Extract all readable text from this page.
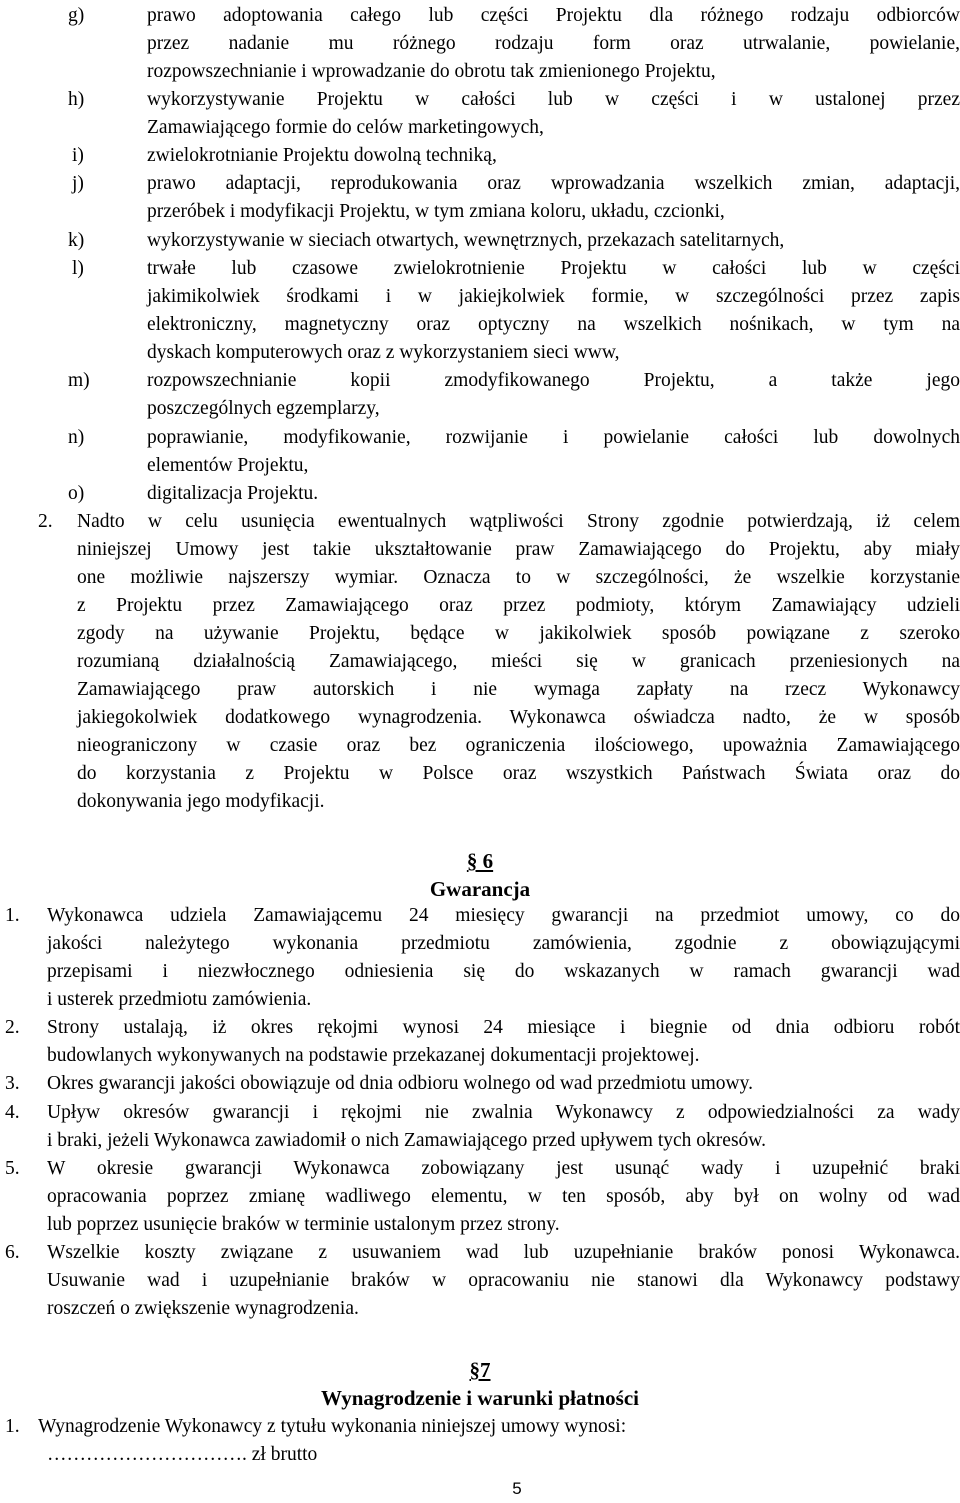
g)	prawo adoptowania całego lub części Projektu dla różnego rodzaju odbiorców
przez nadanie mu różnego rodzaju form oraz utrwalanie, powielanie,
rozpowszechnianie i wprowadzanie do obrotu tak zmienionego Projektu,
h)	wykorzystywanie Projektu w całości lub w części i w ustalonej przez
Zamawiającego formie do celów marketingowych,
i)	zwielokrotnianie Projektu dowolną techniką,
j)	prawo adaptacji, reprodukowania oraz wprowadzania wszelkich zmian, adaptacji,
przeróbek i modyfikacji Projektu, w tym zmiana koloru, układu, czcionki,
k)	wykorzystywanie w sieciach otwartych, wewnętrznych, przekazach satelitarnych,
l)	trwałe lub czasowe zwielokrotnienie Projektu w całości lub w części
jakimikolwiek środkami i w jakiejkolwiek formie, w szczególności przez zapis
elektroniczny, magnetyczny oraz optyczny na wszelkich nośnikach, w tym na
dyskach komputerowych oraz z wykorzystaniem sieci www,
m)	rozpowszechnianie kopii zmodyfikowanego Projektu, a także jego
poszczególnych egzemplarzy,
n)	poprawianie, modyfikowanie, rozwijanie i powielanie całości lub dowolnych
elementów Projektu,
o)	digitalizacja Projektu.
2. Nadto w celu usunięcia ewentualnych wątpliwości Strony zgodnie potwierdzają, iż celem
niniejszej Umowy jest takie ukształtowanie praw Zamawiającego do Projektu, aby miały
one możliwie najszerszy wymiar. Oznacza to w szczególności, że wszelkie korzystanie
z Projektu przez Zamawiającego oraz przez podmioty, którym Zamawiający udzieli
zgody na używanie Projektu, będące w jakikolwiek sposób powiązane z szeroko
rozumianą działalnością Zamawiającego, mieści się w granicach przeniesionych na
Zamawiającego praw autorskich i nie wymaga zapłaty na rzecz Wykonawcy
jakiegokolwiek dodatkowego wynagrodzenia. Wykonawca oświadcza nadto, że w sposób
nieograniczony w czasie oraz bez ograniczenia ilościowego, upoważnia Zamawiającego
do korzystania z Projektu w Polsce oraz wszystkich Państwach Świata oraz do
dokonywania jego modyfikacji.
§ 6
Gwarancja
1. Wykonawca udziela Zamawiającemu 24 miesięcy gwarancji na przedmiot umowy, co do
jakości należytego wykonania przedmiotu zamówienia, zgodnie z obowiązującymi
przepisami i niezwłocznego odniesienia się do wskazanych w ramach gwarancji wad
i usterek przedmiotu zamówienia.
2. Strony ustalają, iż okres rękojmi wynosi 24 miesiące i biegnie od dnia odbioru robót
budowlanych wykonywanych na podstawie przekazanej dokumentacji projektowej.
3. Okres gwarancji jakości obowiązuje od dnia odbioru wolnego od wad przedmiotu umowy.
4. Upływ okresów gwarancji i rękojmi nie zwalnia Wykonawcy z odpowiedzialności za wady
i braki, jeżeli Wykonawca zawiadomił o nich Zamawiającego przed upływem tych okresów.
5. W okresie gwarancji Wykonawca zobowiązany jest usunąć wady i uzupełnić braki
opracowania poprzez zmianę wadliwego elementu, w ten sposób, aby był on wolny od wad
lub poprzez usunięcie braków w terminie ustalonym przez strony.
6. Wszelkie koszty związane z usuwaniem wad lub uzupełnianie braków ponosi Wykonawca.
Usuwanie wad i uzupełnianie braków w opracowaniu nie stanowi dla Wykonawcy podstawy
roszczeń o zwiększenie wynagrodzenia.
§7
Wynagrodzenie i warunki płatności
1. Wynagrodzenie Wykonawcy z tytułu wykonania niniejszej umowy wynosi:
…………………………. zł brutto
5
